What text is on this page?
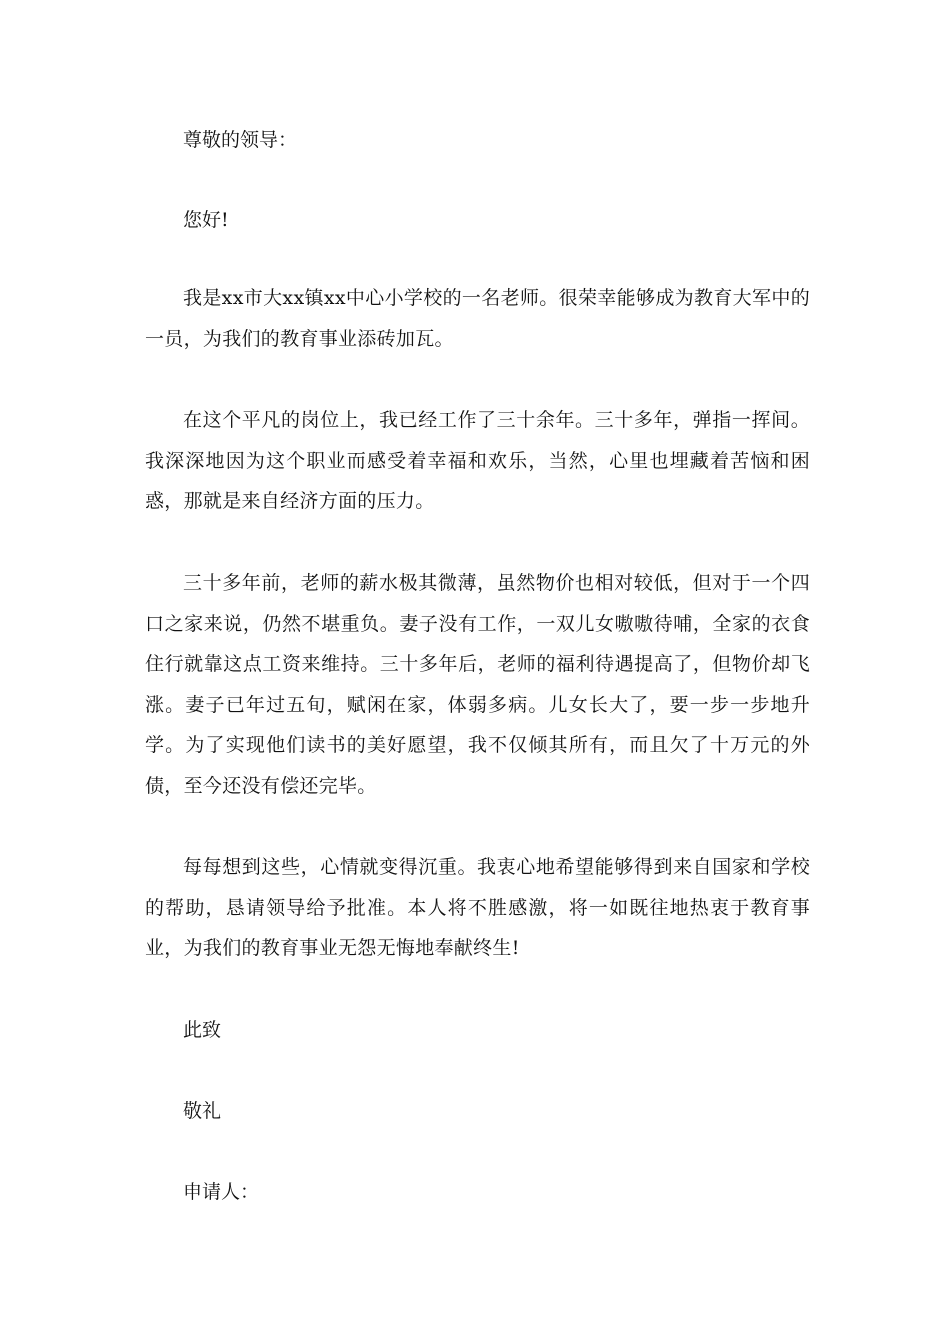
尊敬的领导：
您好!
我是xx市大xx镇xx中心小学校的一名老师。很荣幸能够成为教育大军中的一员，为我们的教育事业添砖加瓦。
在这个平凡的岗位上，我已经工作了三十余年。三十多年，弹指一挥间。我深深地因为这个职业而感受着幸福和欢乐，当然，心里也埋藏着苦恼和困惑，那就是来自经济方面的压力。
三十多年前，老师的薪水极其微薄，虽然物价也相对较低，但对于一个四口之家来说，仍然不堪重负。妻子没有工作，一双儿女嗷嗷待哺，全家的衣食住行就靠这点工资来维持。三十多年后，老师的福利待遇提高了，但物价却飞涨。妻子已年过五旬，赋闲在家，体弱多病。儿女长大了，要一步一步地升学。为了实现他们读书的美好愿望，我不仅倾其所有，而且欠了十万元的外债，至今还没有偿还完毕。
每每想到这些，心情就变得沉重。我衷心地希望能够得到来自国家和学校的帮助，恳请领导给予批准。本人将不胜感激，将一如既往地热衷于教育事业，为我们的教育事业无怨无悔地奉献终生!
此致
敬礼
申请人：
